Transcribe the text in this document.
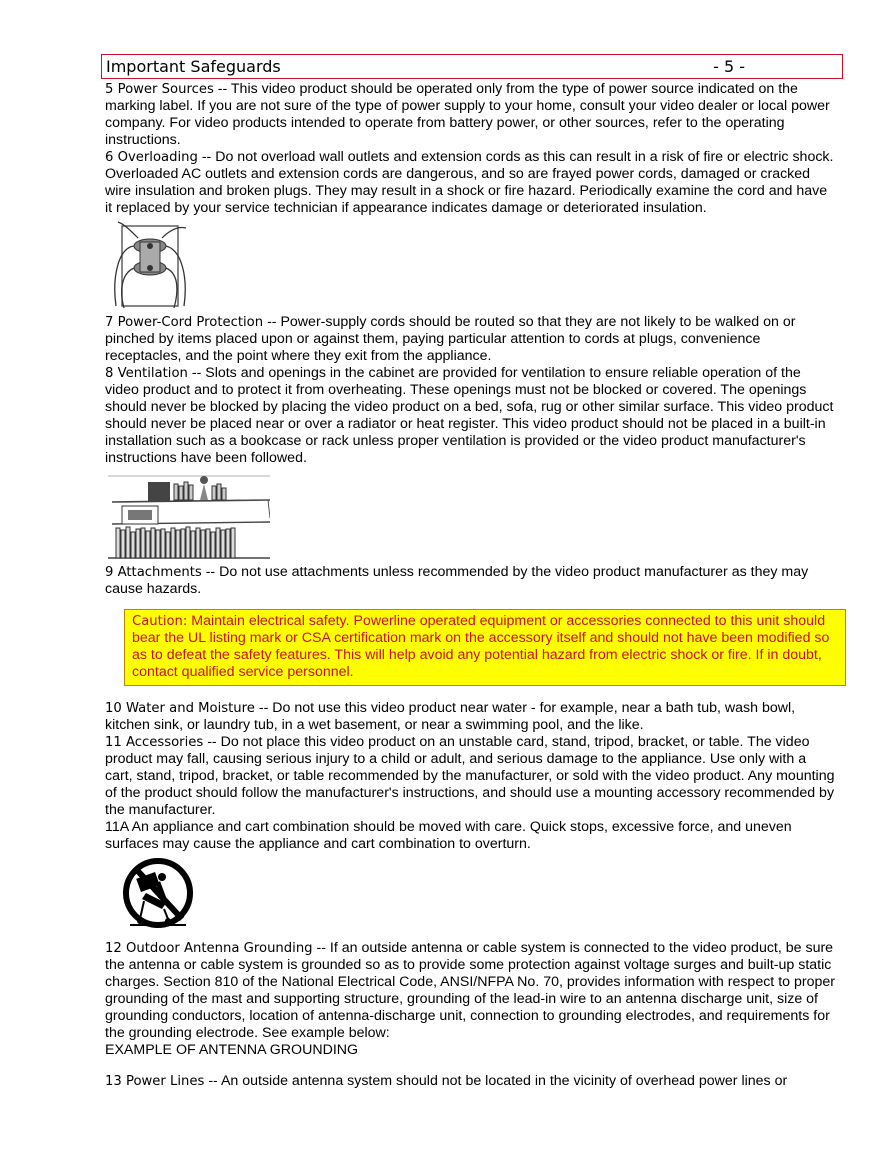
Important Safeguards	- 5 -

5 Power Sources -- This video product should be operated only from the type of power source indicated on the marking label. If you are not sure of the type of power supply to your home, consult your video dealer or local power company. For video products intended to operate from battery power, or other sources, refer to the operating instructions.

6 Overloading -- Do not overload wall outlets and extension cords as this can result in a risk of fire or electric shock. Overloaded AC outlets and extension cords are dangerous, and so are frayed power cords, damaged or cracked wire insulation and broken plugs. They may result in a shock or fire hazard. Periodically examine the cord and have it replaced by your service technician if appearance indicates damage or deteriorated insulation.

7 Power-Cord Protection -- Power-supply cords should be routed so that they are not likely to be walked on or pinched by items placed upon or against them, paying particular attention to cords at plugs, convenience receptacles, and the point where they exit from the appliance.

8 Ventilation -- Slots and openings in the cabinet are provided for ventilation to ensure reliable operation of the video product and to protect it from overheating. These openings must not be blocked or covered. The openings should never be blocked by placing the video product on a bed, sofa, rug or other similar surface. This video product should never be placed near or over a radiator or heat register. This video product should not be placed in a built-in installation such as a bookcase or rack unless proper ventilation is provided or the video product manufacturer's instructions have been followed.

9 Attachments -- Do not use attachments unless recommended by the video product manufacturer as they may cause hazards.

Caution: Maintain electrical safety. Powerline operated equipment or accessories connected to this unit should bear the UL listing mark or CSA certification mark on the accessory itself and should not have been modified so as to defeat the safety features. This will help avoid any potential hazard from electric shock or fire. If in doubt, contact qualified service personnel.

10 Water and Moisture -- Do not use this video product near water - for example, near a bath tub, wash bowl, kitchen sink, or laundry tub, in a wet basement, or near a swimming pool, and the like.

11 Accessories -- Do not place this video product on an unstable card, stand, tripod, bracket, or table. The video product may fall, causing serious injury to a child or adult, and serious damage to the appliance. Use only with a cart, stand, tripod, bracket, or table recommended by the manufacturer, or sold with the video product. Any mounting of the product should follow the manufacturer's instructions, and should use a mounting accessory recommended by the manufacturer.

11A An appliance and cart combination should be moved with care. Quick stops, excessive force, and uneven surfaces may cause the appliance and cart combination to overturn.

12 Outdoor Antenna Grounding -- If an outside antenna or cable system is connected to the video product, be sure the antenna or cable system is grounded so as to provide some protection against voltage surges and built-up static charges. Section 810 of the National Electrical Code, ANSI/NFPA No. 70, provides information with respect to proper grounding of the mast and supporting structure, grounding of the lead-in wire to an antenna discharge unit, size of grounding conductors, location of antenna-discharge unit, connection to grounding electrodes, and requirements for the grounding electrode. See example below:

EXAMPLE OF ANTENNA GROUNDING

13 Power Lines -- An outside antenna system should not be located in the vicinity of overhead power lines or
